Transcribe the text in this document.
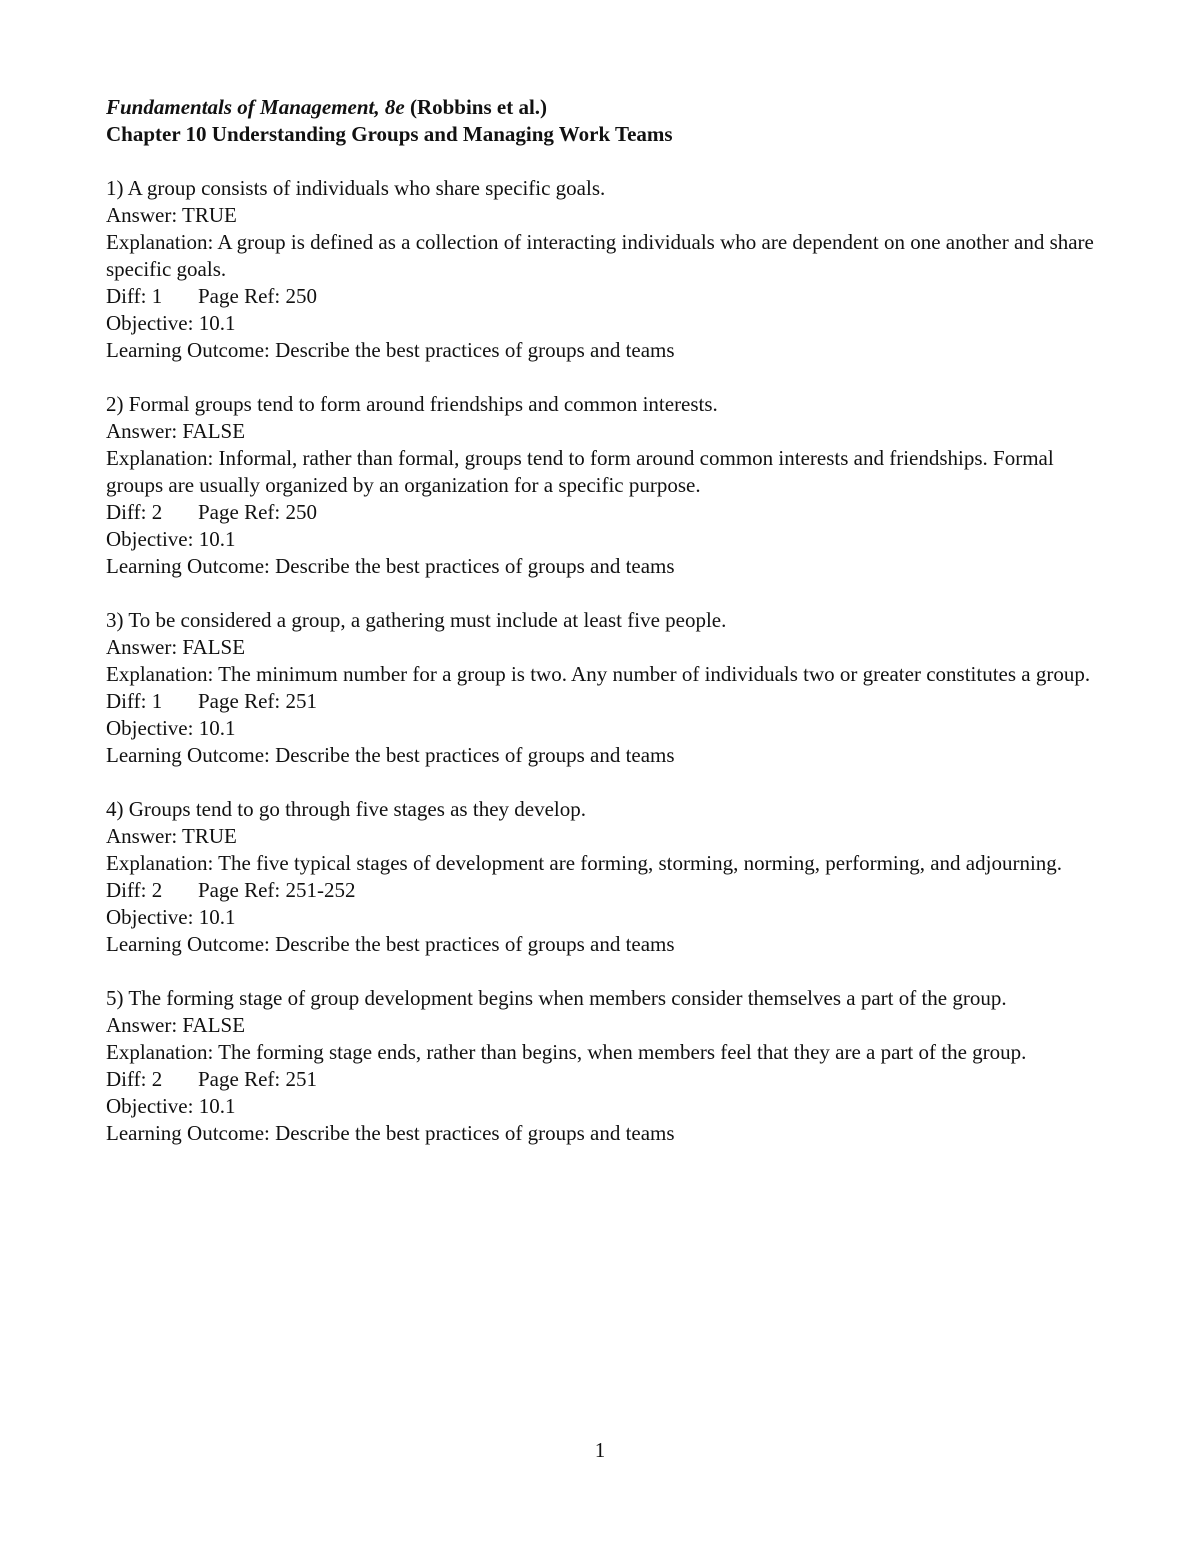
Fundamentals of Management, 8e (Robbins et al.)
Chapter 10 Understanding Groups and Managing Work Teams

1) A group consists of individuals who share specific goals.

Answer: TRUE

Explanation: A group is defined as a collection of interacting individuals who are dependent on one another and share specific goals.

Diff: 1 Page Ref: 250

Objective: 10.1

Learning Outcome: Describe the best practices of groups and teams

2) Formal groups tend to form around friendships and common interests.

Answer: FALSE

Explanation: Informal, rather than formal, groups tend to form around common interests and friendships. Formal groups are usually organized by an organization for a specific purpose.

Diff: 2 Page Ref: 250

Objective: 10.1

Learning Outcome: Describe the best practices of groups and teams

3) To be considered a group, a gathering must include at least five people.

Answer: FALSE

Explanation: The minimum number for a group is two. Any number of individuals two or greater constitutes a group.

Diff: 1 Page Ref: 251

Objective: 10.1

Learning Outcome: Describe the best practices of groups and teams

4) Groups tend to go through five stages as they develop.

Answer: TRUE

Explanation: The five typical stages of development are forming, storming, norming, performing, and adjourning.

Diff: 2 Page Ref: 251-252

Objective: 10.1

Learning Outcome: Describe the best practices of groups and teams

5) The forming stage of group development begins when members consider themselves a part of the group.

Answer: FALSE

Explanation: The forming stage ends, rather than begins, when members feel that they are a part of the group.

Diff: 2 Page Ref: 251

Objective: 10.1

Learning Outcome: Describe the best practices of groups and teams

1
